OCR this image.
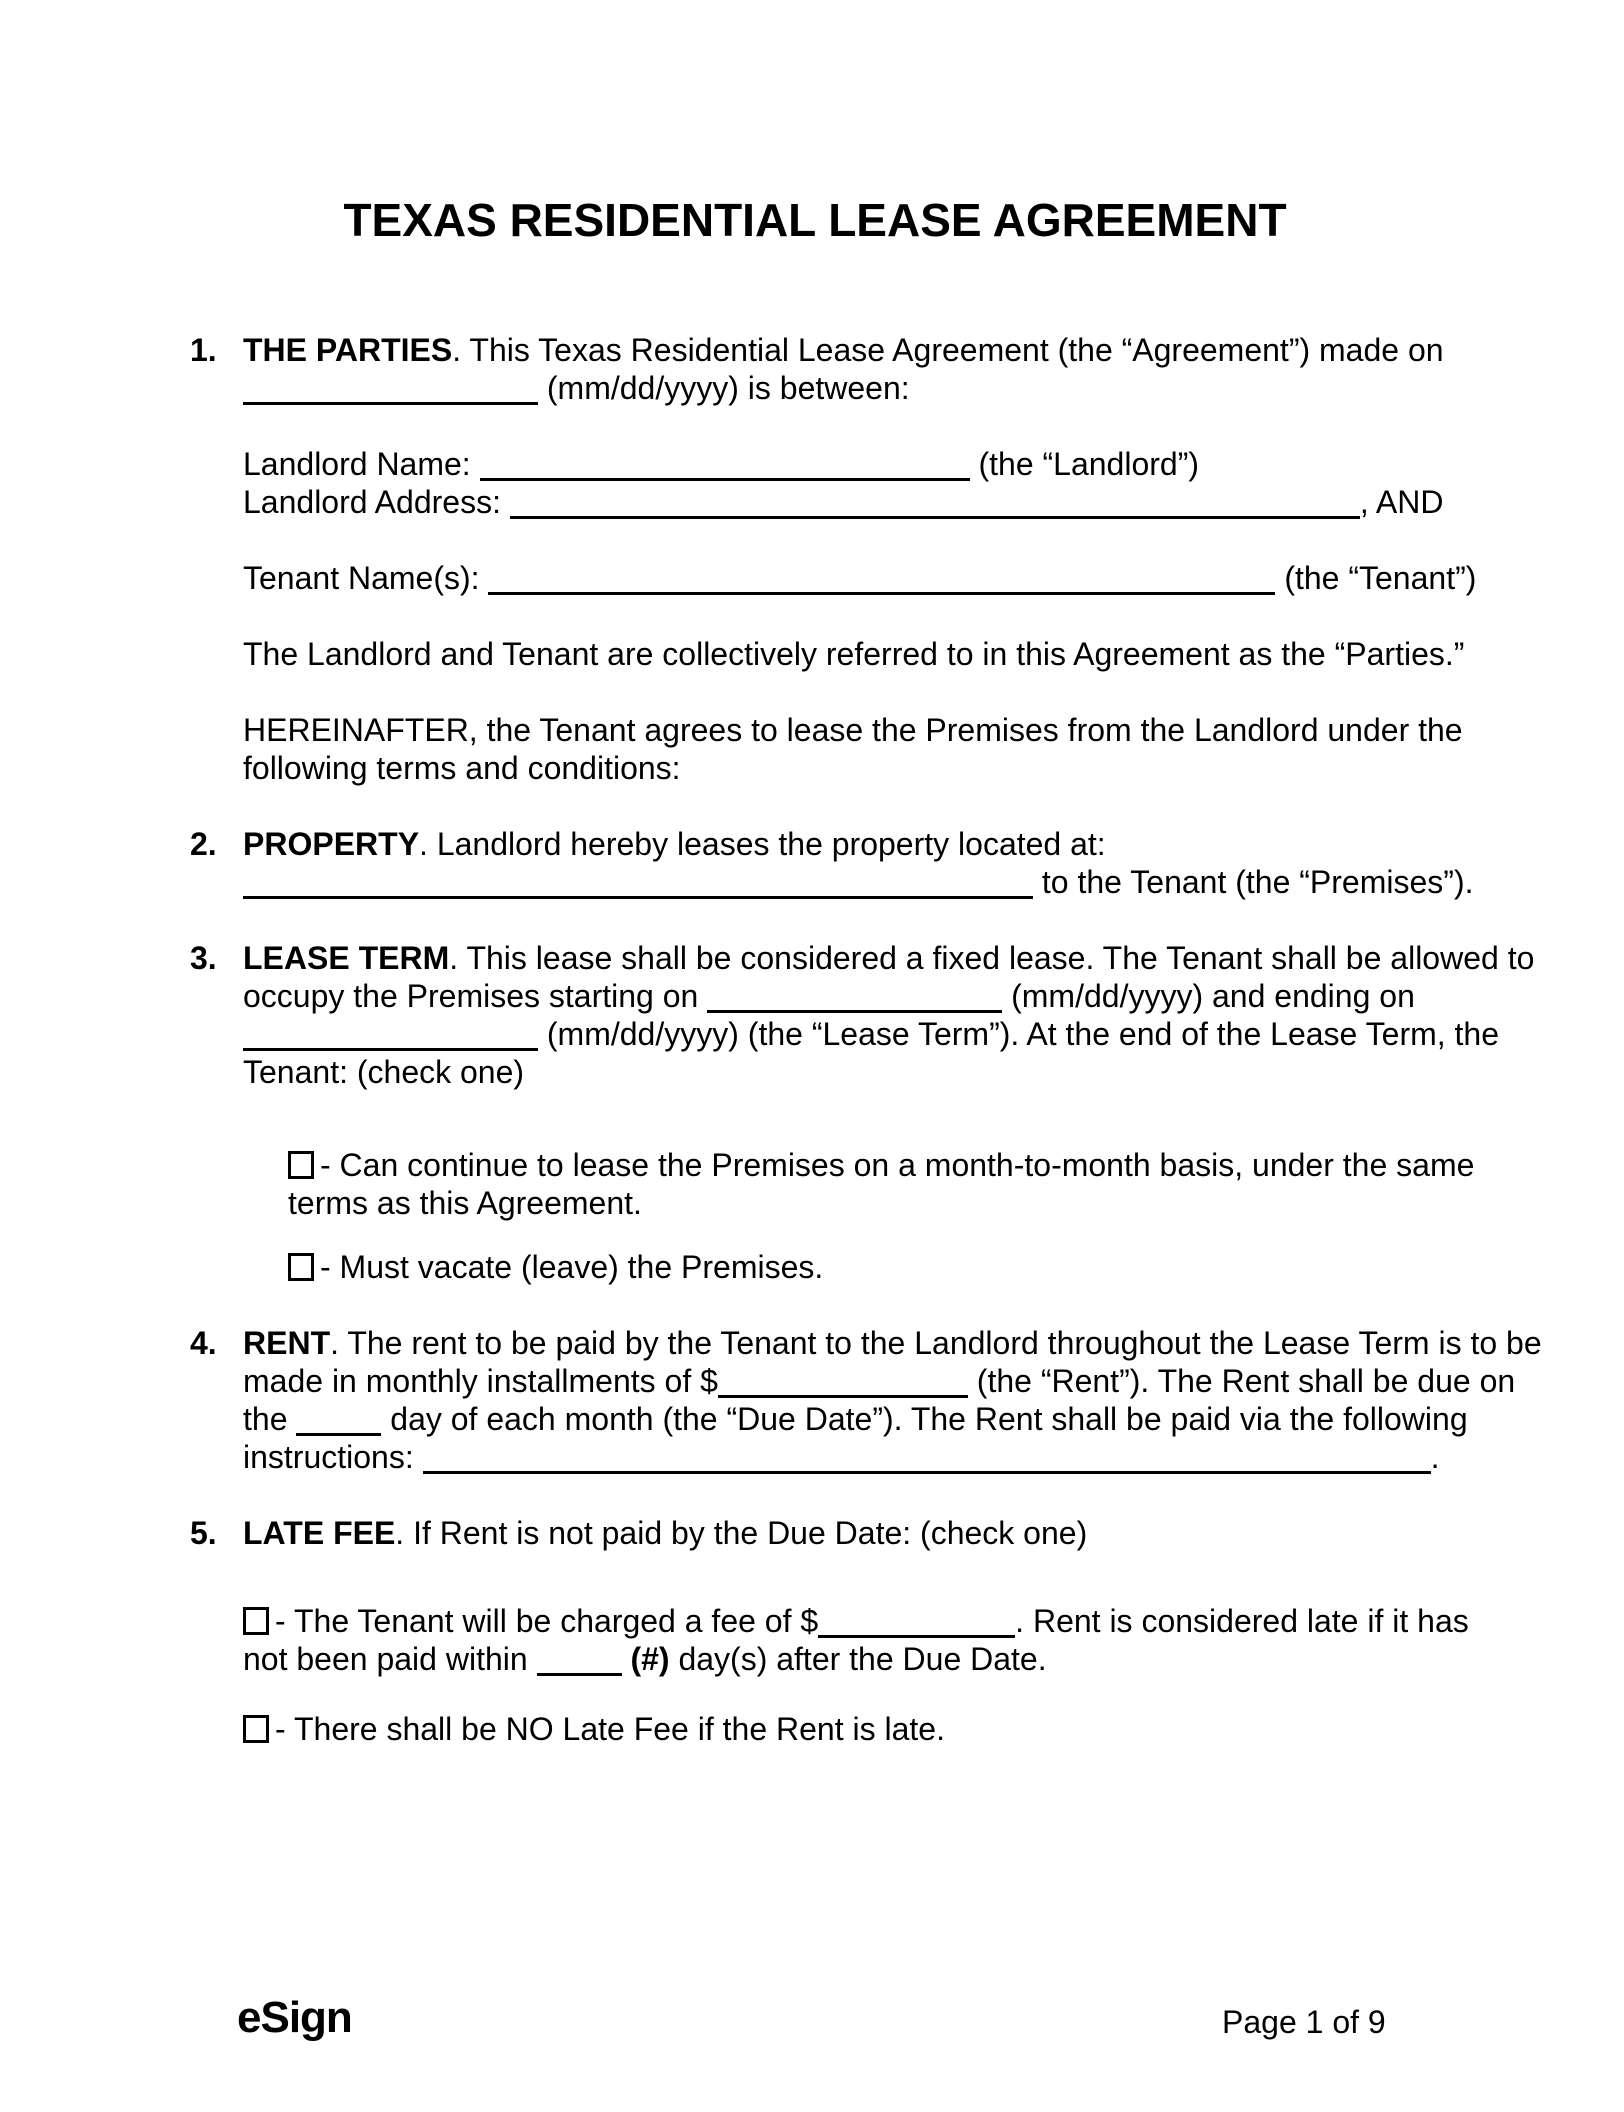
TEXAS RESIDENTIAL LEASE AGREEMENT
1. THE PARTIES. This Texas Residential Lease Agreement (the “Agreement”) made on
(mm/dd/yyyy) is between:
Landlord Name:	(the “Landlord”)
Landlord Address:	, AND
Tenant Name(s):	(the “Tenant”)
The Landlord and Tenant are collectively referred to in this Agreement as the “Parties.”
HEREINAFTER, the Tenant agrees to lease the Premises from the Landlord under the
following terms and conditions:
2. PROPERTY. Landlord hereby leases the property located at:
to the Tenant (the “Premises”).
3. LEASE TERM. This lease shall be considered a fixed lease. The Tenant shall be allowed to
occupy the Premises starting on	(mm/dd/yyyy) and ending on
(mm/dd/yyyy) (the “Lease Term”). At the end of the Lease Term, the
Tenant: (check one)
- Can continue to lease the Premises on a month-to-month basis, under the same
terms as this Agreement.
- Must vacate (leave) the Premises.
4. RENT. The rent to be paid by the Tenant to the Landlord throughout the Lease Term is to be
made in monthly installments of $	(the “Rent”). The Rent shall be due on
the	day of each month (the “Due Date”). The Rent shall be paid via the following
instructions:	.
5. LATE FEE. If Rent is not paid by the Due Date: (check one)
- The Tenant will be charged a fee of $	. Rent is considered late if it has
not been paid within	(#) day(s) after the Due Date.
- There shall be NO Late Fee if the Rent is late.
eSign	Page 1 of 9
